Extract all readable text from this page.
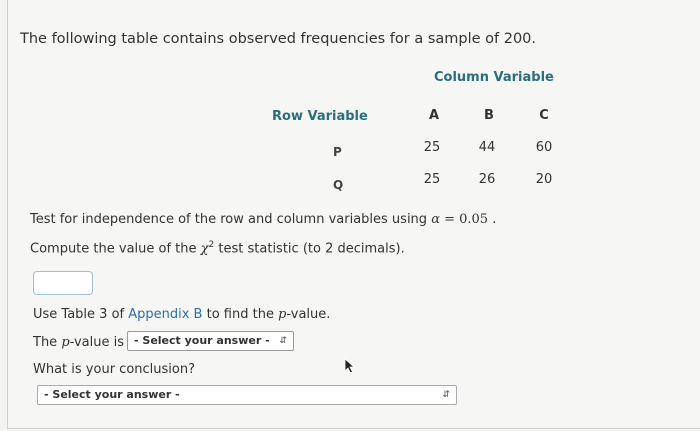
The following table contains observed frequencies for a sample of 200.
Column Variable
Row Variable	A	B	C
P	25	44	60
Q	25	26	20
Test for independence of the row and column variables using α = 0.05 .
Compute the value of the $\chi^2$ test statistic (to 2 decimals).
Use Table 3 of Appendix B to find the p-value.
The p-value is - Select your answer - ⇵
What is your conclusion?
- Select your answer -	⇵
